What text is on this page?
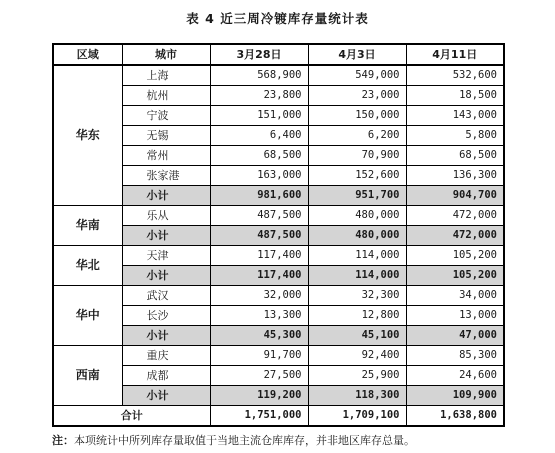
表 4 近三周冷镀库存量统计表
区域	城市	3月28日	4月3日	4月11日
华东	上海	568,900	549,000	532,600
	杭州	23,800	23,000	18,500
	宁波	151,000	150,000	143,000
	无锡	6,400	6,200	5,800
	常州	68,500	70,900	68,500
	张家港	163,000	152,600	136,300
	小计	981,600	951,700	904,700
华南	乐从	487,500	480,000	472,000
	小计	487,500	480,000	472,000
华北	天津	117,400	114,000	105,200
	小计	117,400	114,000	105,200
华中	武汉	32,000	32,300	34,000
	长沙	13,300	12,800	13,000
	小计	45,300	45,100	47,000
西南	重庆	91,700	92,400	85,300
	成都	27,500	25,900	24,600
	小计	119,200	118,300	109,900
合计		1,751,000	1,709,100	1,638,800
注：本项统计中所列库存量取值于当地主流仓库库存，并非地区库存总量。
